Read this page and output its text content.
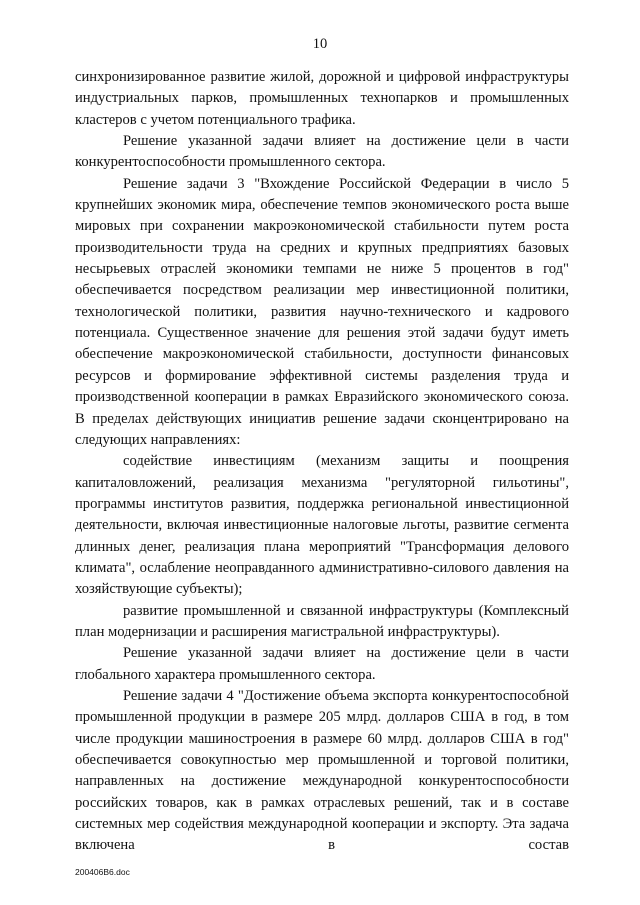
10

синхронизированное развитие жилой, дорожной и цифровой инфраструктуры индустриальных парков, промышленных технопарков и промышленных кластеров с учетом потенциального трафика.

Решение указанной задачи влияет на достижение цели в части конкурентоспособности промышленного сектора.

Решение задачи 3 "Вхождение Российской Федерации в число 5 крупнейших экономик мира, обеспечение темпов экономического роста выше мировых при сохранении макроэкономической стабильности путем роста производительности труда на средних и крупных предприятиях базовых несырьевых отраслей экономики темпами не ниже 5 процентов в год" обеспечивается посредством реализации мер инвестиционной политики, технологической политики, развития научно-технического и кадрового потенциала. Существенное значение для решения этой задачи будут иметь обеспечение макроэкономической стабильности, доступности финансовых ресурсов и формирование эффективной системы разделения труда и производственной кооперации в рамках Евразийского экономического союза. В пределах действующих инициатив решение задачи сконцентрировано на следующих направлениях:

содействие инвестициям (механизм защиты и поощрения капиталовложений, реализация механизма "регуляторной гильотины", программы институтов развития, поддержка региональной инвестиционной деятельности, включая инвестиционные налоговые льготы, развитие сегмента длинных денег, реализация плана мероприятий "Трансформация делового климата", ослабление неоправданного административно-силового давления на хозяйствующие субъекты);

развитие промышленной и связанной инфраструктуры (Комплексный план модернизации и расширения магистральной инфраструктуры).

Решение указанной задачи влияет на достижение цели в части глобального характера промышленного сектора.

Решение задачи 4 "Достижение объема экспорта конкурентоспособной промышленной продукции в размере 205 млрд. долларов США в год, в том числе продукции машиностроения в размере 60 млрд. долларов США в год" обеспечивается совокупностью мер промышленной и торговой политики, направленных на достижение международной конкурентоспособности российских товаров, как в рамках отраслевых решений, так и в составе системных мер содействия международной кооперации и экспорту. Эта задача включена в состав

200406B6.doc
